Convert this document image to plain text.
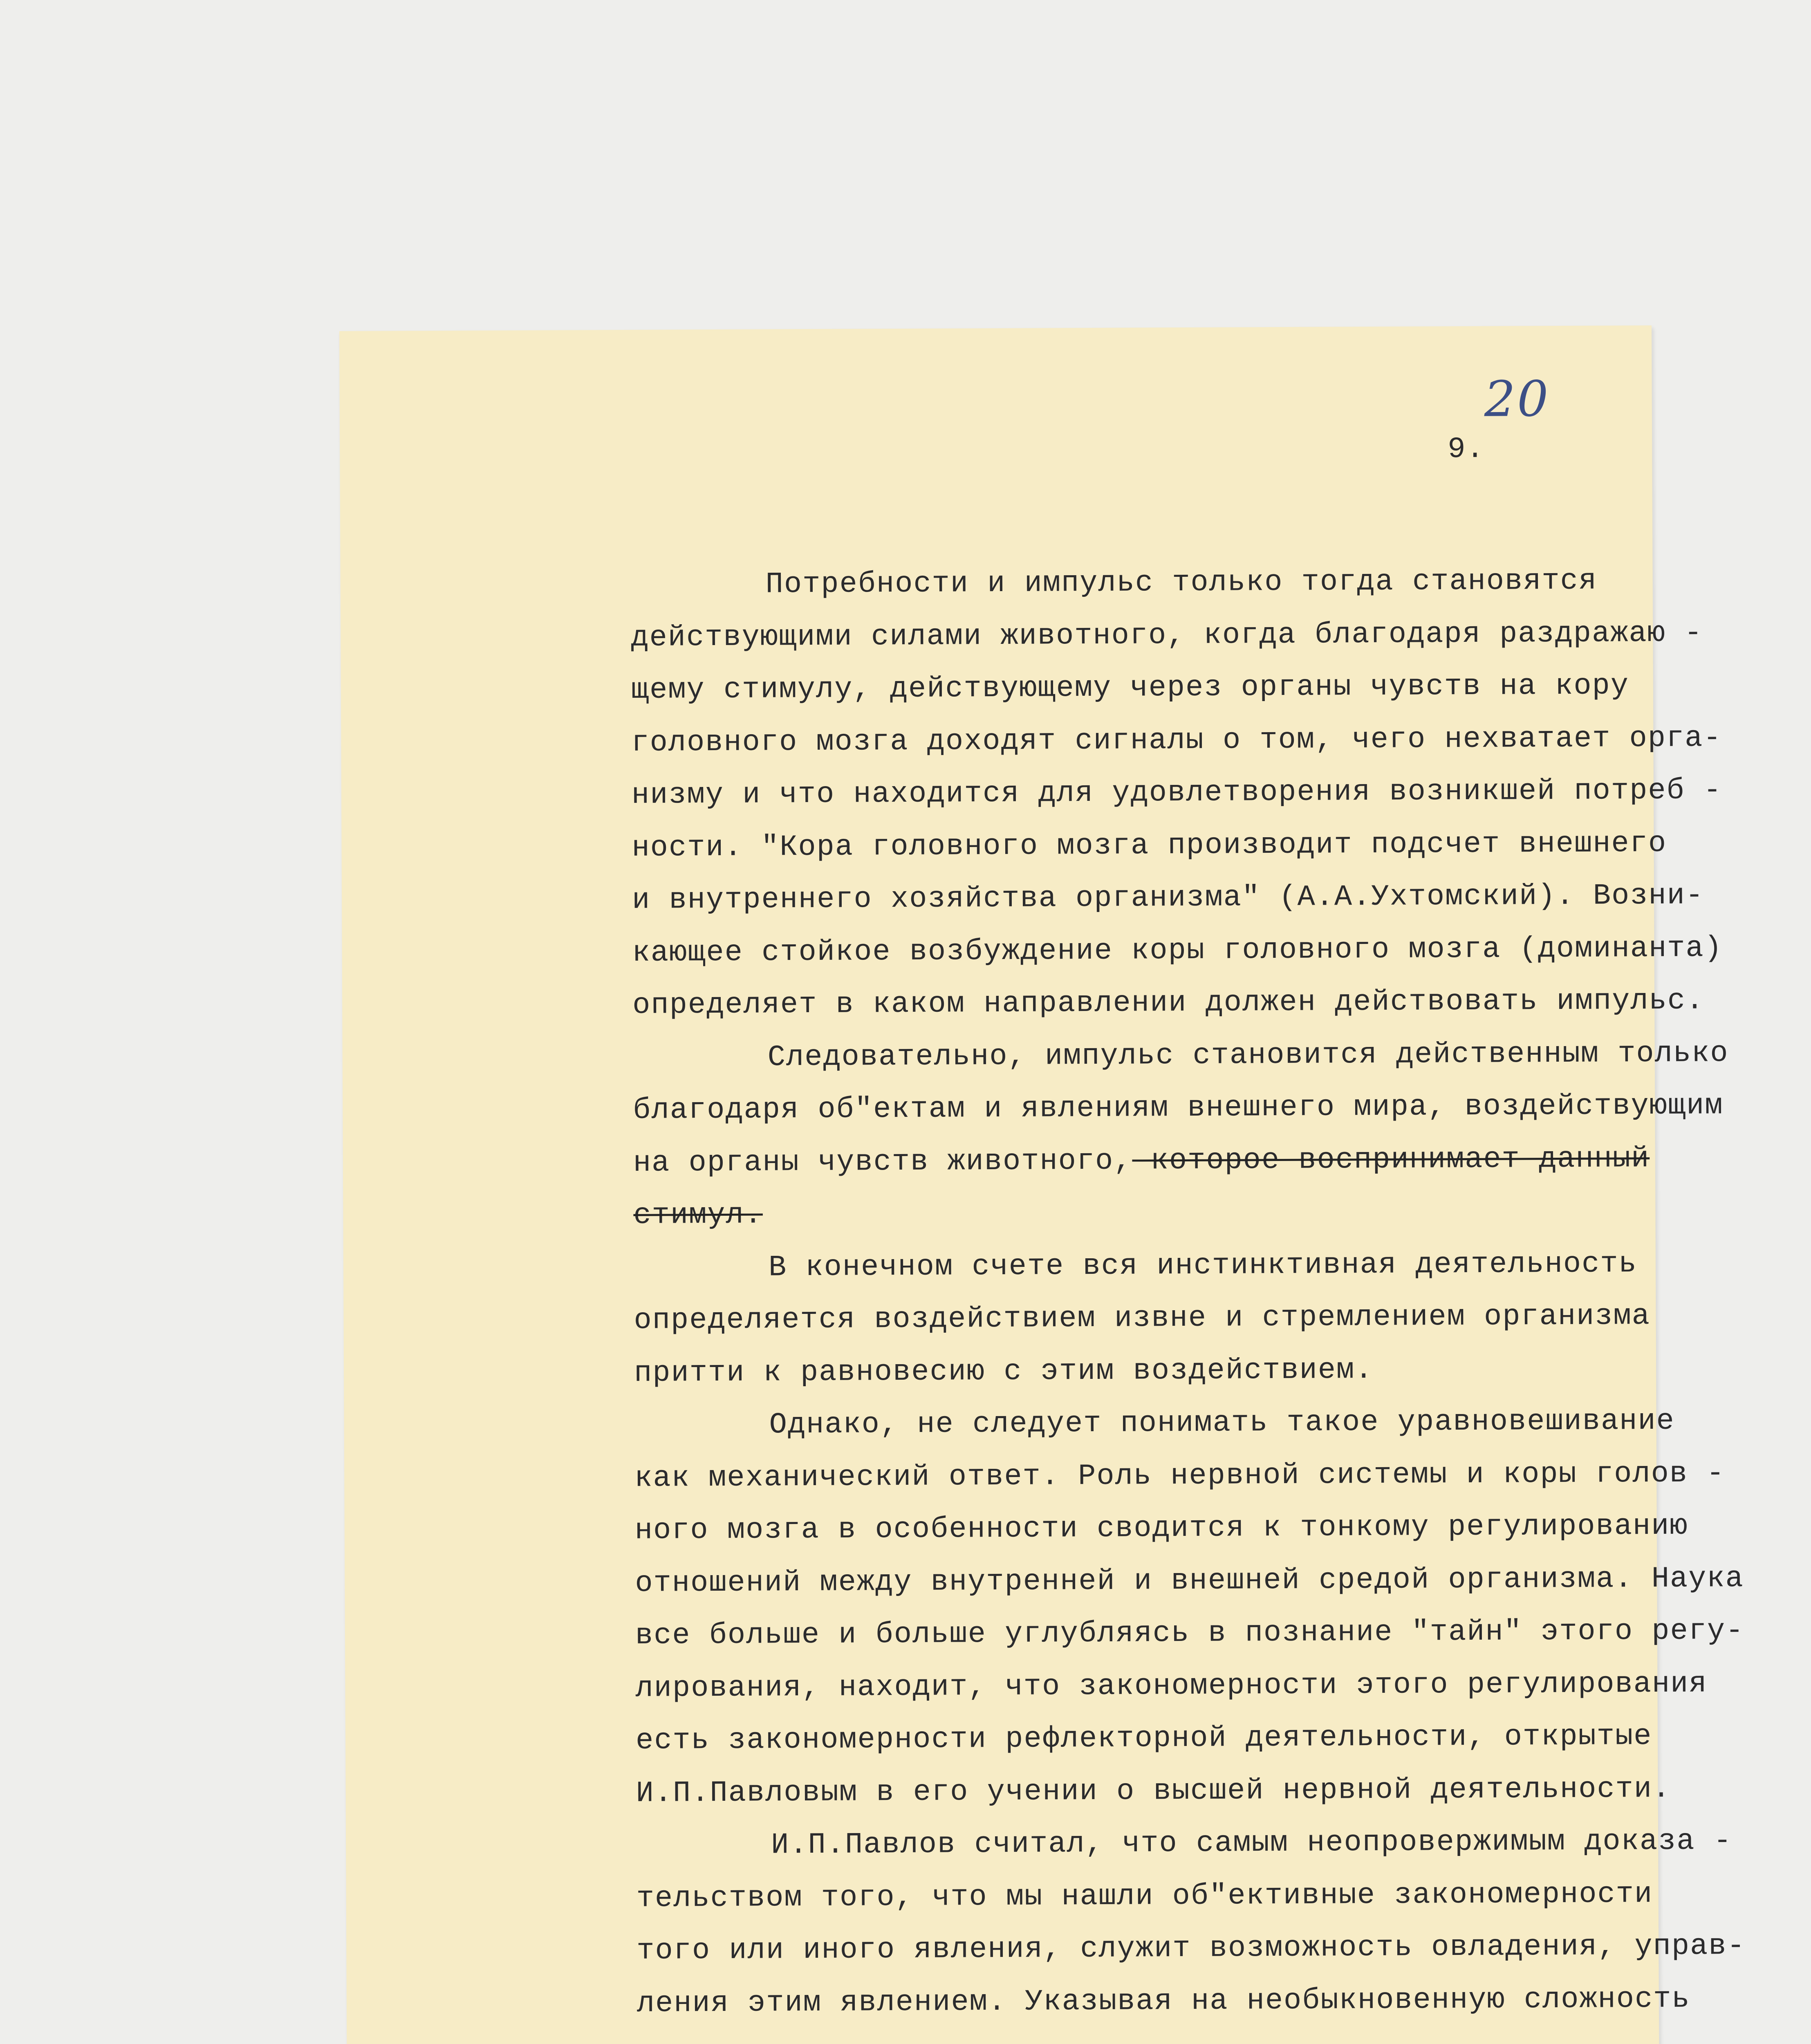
20
9.
Потребности и импульс только тогда становятся
действующими силами животного, когда благодаря раздражаю -
щему стимулу, действующему через органы чувств на кору
головного мозга доходят сигналы о том, чего нехватает орга-
низму и что находится для удовлетворения возникшей потреб -
ности. "Кора головного мозга производит подсчет внешнего
и внутреннего хозяйства организма" (А.А.Ухтомский). Возни-
кающее стойкое возбуждение коры головного мозга (доминанта)
определяет в каком направлении должен действовать импульс.
Следовательно, импульс становится действенным только
благодаря об"ектам и явлениям внешнего мира, воздействующим
на органы чувств животного, которое воспринимает данный
стимул.
В конечном счете вся инстинктивная деятельность
определяется воздействием извне и стремлением организма
притти к равновесию с этим воздействием.
Однако, не следует понимать такое уравновешивание
как механический ответ. Роль нервной системы и коры голов -
ного мозга в особенности сводится к тонкому регулированию
отношений между внутренней и внешней средой организма. Наука
все больше и больше углубляясь в познание "тайн" этого регу-
лирования, находит, что закономерности этого регулирования
есть закономерности рефлекторной деятельности, открытые
И.П.Павловым в его учении о высшей нервной деятельности.
И.П.Павлов считал, что самым неопровержимым доказа -
тельством того, что мы нашли об"ективные закономерности
того или иного явления, служит возможность овладения, управ-
ления этим явлением. Указывая на необыкновенную сложность
